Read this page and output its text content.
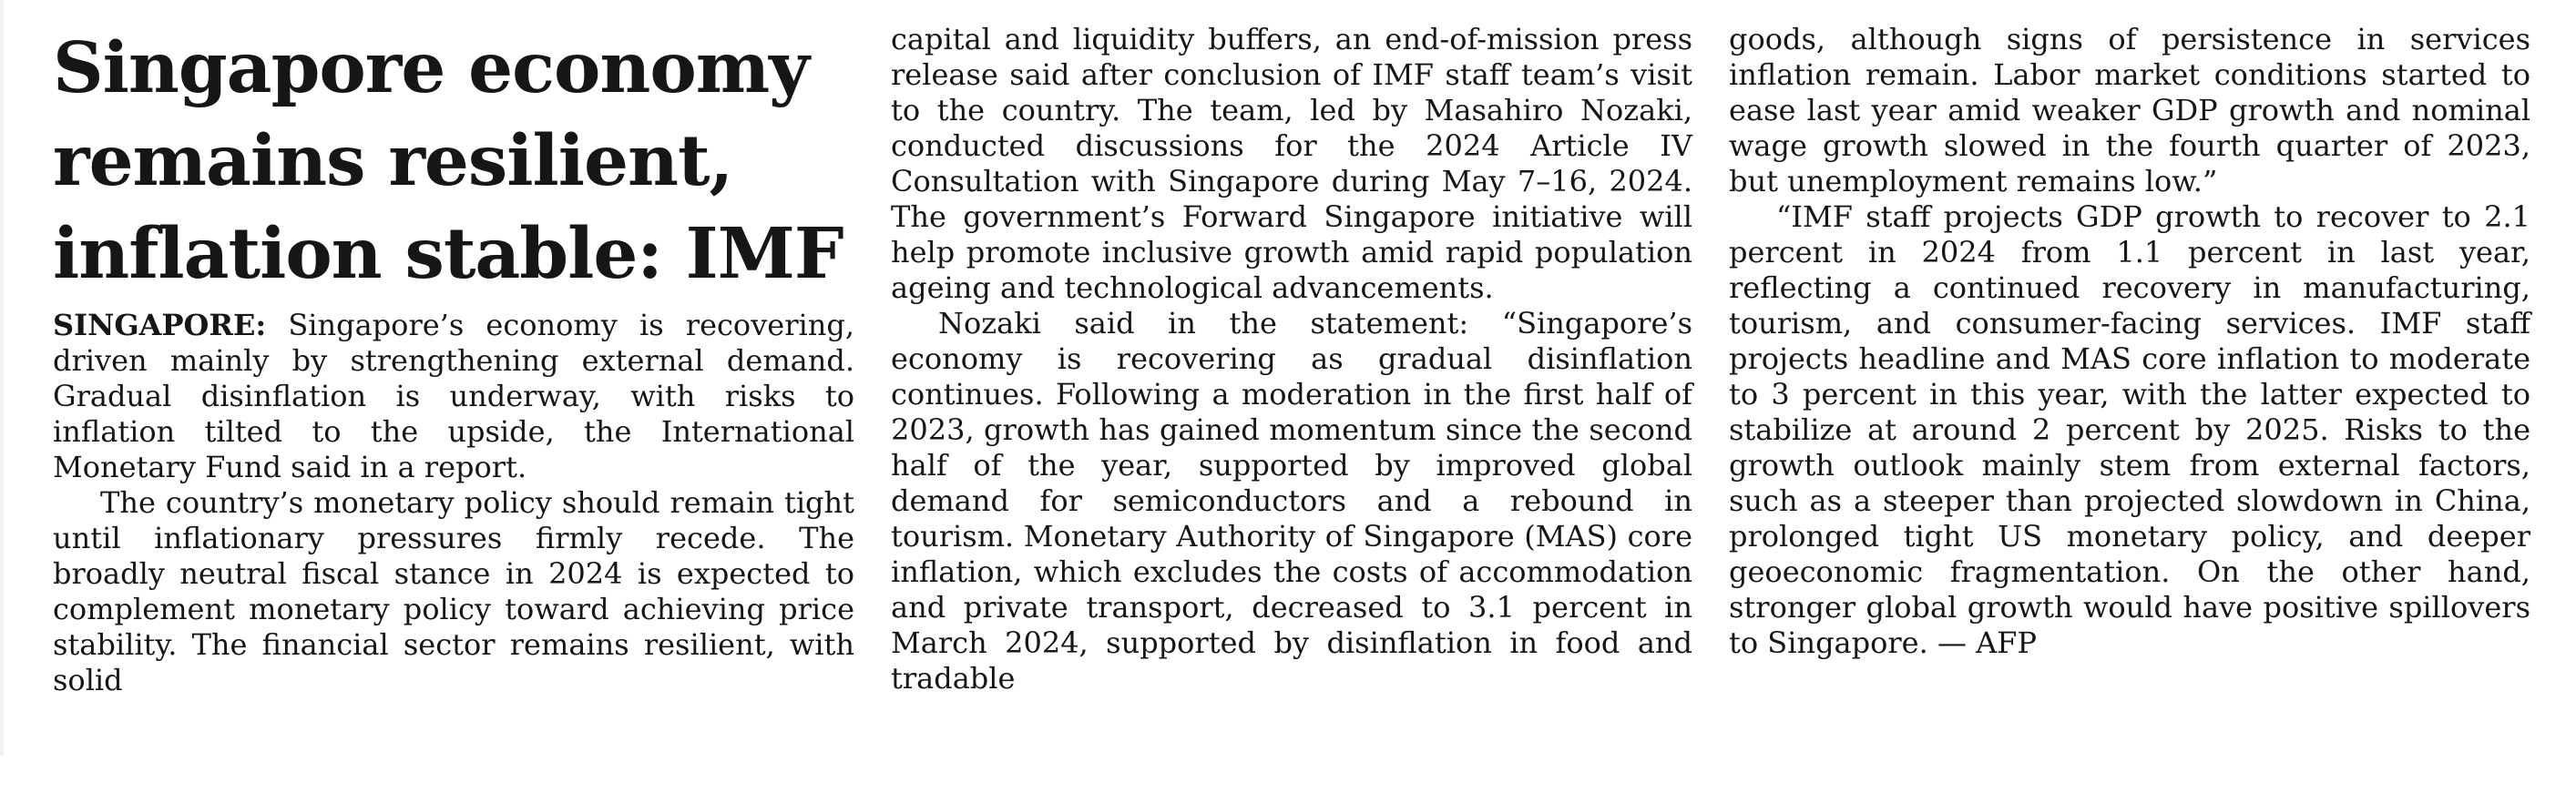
Singapore economy
remains resilient,
inflation stable: IMF

SINGAPORE: Singapore’s economy is recovering, driven mainly by strengthening external demand. Gradual disinflation is underway, with risks to inflation tilted to the upside, the International Monetary Fund said in a report.

The country’s monetary policy should remain tight until inflationary pressures firmly recede. The broadly neutral fiscal stance in 2024 is expected to complement monetary policy toward achieving price stability. The financial sector remains resilient, with solid

capital and liquidity buffers, an end-of-mission press release said after conclusion of IMF staff team’s visit to the country. The team, led by Masahiro Nozaki, conducted discussions for the 2024 Article IV Consultation with Singapore during May 7–16, 2024. The government’s Forward Singapore initiative will help promote inclusive growth amid rapid population ageing and technological advancements.

Nozaki said in the statement: “Singapore’s economy is recovering as gradual disinflation continues. Following a moderation in the first half of 2023, growth has gained momentum since the second half of the year, supported by improved global demand for semiconductors and a rebound in tourism. Monetary Authority of Singapore (MAS) core inflation, which excludes the costs of accommodation and private transport, decreased to 3.1 percent in March 2024, supported by disinflation in food and tradable

goods, although signs of persistence in services inflation remain. Labor market conditions started to ease last year amid weaker GDP growth and nominal wage growth slowed in the fourth quarter of 2023, but unemployment remains low.”

“IMF staff projects GDP growth to recover to 2.1 percent in 2024 from 1.1 percent in last year, reflecting a continued recovery in manufacturing, tourism, and consumer-facing services. IMF staff projects headline and MAS core inflation to moderate to 3 percent in this year, with the latter expected to stabilize at around 2 percent by 2025. Risks to the growth outlook mainly stem from external factors, such as a steeper than projected slowdown in China, prolonged tight US monetary policy, and deeper geoeconomic fragmentation. On the other hand, stronger global growth would have positive spillovers to Singapore. — AFP
